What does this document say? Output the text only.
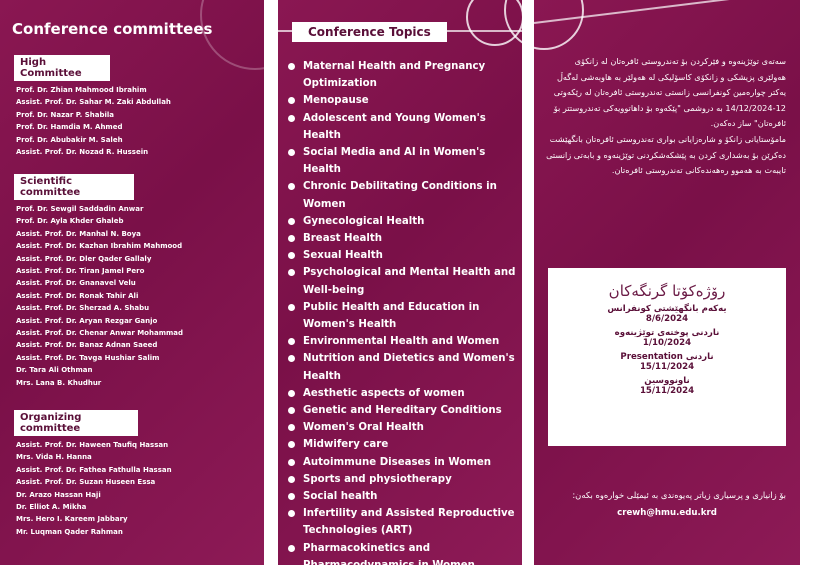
Conference committees
High Committee
Prof. Dr. Zhian Mahmood Ibrahim
Assist. Prof. Dr. Sahar M. Zaki Abdullah
Prof. Dr. Nazar P. Shabila
Prof. Dr. Hamdia M. Ahmed
Prof. Dr. Abubakir M. Saleh
Assist. Prof. Dr. Nozad R. Hussein
Scientific committee
Prof. Dr. Sewgil Saddadin Anwar
Prof. Dr. Ayla Khder Ghaleb
Assist. Prof. Dr. Manhal N. Boya
Assist. Prof. Dr. Kazhan Ibrahim Mahmood
Assist. Prof. Dr. Dler Qader Gallaly
Assist. Prof. Dr. Tiran Jamel Pero
Assist. Prof. Dr. Gnanavel Velu
Assist. Prof. Dr. Ronak Tahir Ali
Assist. Prof. Dr. Sherzad A. Shabu
Assist. Prof. Dr. Aryan Rezgar Ganjo
Assist. Prof. Dr. Chenar Anwar Mohammad
Assist. Prof. Dr. Banaz Adnan Saeed
Assist. Prof. Dr. Tavga Hushiar Salim
Dr. Tara Ali Othman
Mrs. Lana B. Khudhur
Organizing committee
Assist. Prof. Dr. Haween Taufiq Hassan
Mrs. Vida H. Hanna
Assist. Prof. Dr. Fathea Fathulla Hassan
Assist. Prof. Dr. Suzan Huseen Essa
Dr. Arazo Hassan Haji
Dr. Elliot A. Mikha
Mrs. Hero I. Kareem Jabbary
Mr. Luqman Qader Rahman
Conference Topics
Maternal Health and Pregnancy Optimization
Menopause
Adolescent and Young Women's Health
Social Media and AI in Women's Health
Chronic Debilitating Conditions in Women
Gynecological Health
Breast Health
Sexual Health
Psychological and Mental Health and Well-being
Public Health and Education in Women's Health
Environmental Health and Women
Nutrition and Dietetics and Women's Health
Aesthetic aspects of women
Genetic and Hereditary Conditions
Women's Oral Health
Midwifery care
Autoimmune Diseases in Women
Sports and physiotherapy
Social health
Infertility and Assisted Reproductive Technologies (ART)
Pharmacokinetics and Pharmacodynamics in Women
سەتەی توێژینەوە و فێرکردن بۆ تەندروستی ئافرەتان لە زانکۆی هەولێری پزیشکی و زانکۆی کاسۆلیکی لە هەولێر بە هاوبەشی لەگەڵ یەکتر چوارەمین کونفرانسی زانستی تەندروستی ئافرەتان لە رێکەوتی 12-14/12/2024 بە دروشمی "پێکەوە بۆ داهاتوویەکی تەندروستتر بۆ ئافرەتان" ساز دەکەن.
مامۆستایانی زانکۆ و شارەزایانی بواری تەندروستی ئافرەتان بانگهێشت دەکرێن بۆ بەشداری کردن بە پێشکەشکردنی توێژینەوە و بابەتی زانستی تایبەت بە هەموو رەهەندەکانی تەندروستی ئافرەتان.
رۆژەکۆتا گرنگەکان
یەکەم بانگهێشتی کونفرانس
8/6/2024
ناردنی پوختەی توێژینەوە
1/10/2024
ناردنی Presentation
15/11/2024
ناونووسین
15/11/2024
بۆ زانیاری و پرسیاری زیاتر پەیوەندی بە ئیمێلی خوارەوە بکەن:
crewh@hmu.edu.krd
